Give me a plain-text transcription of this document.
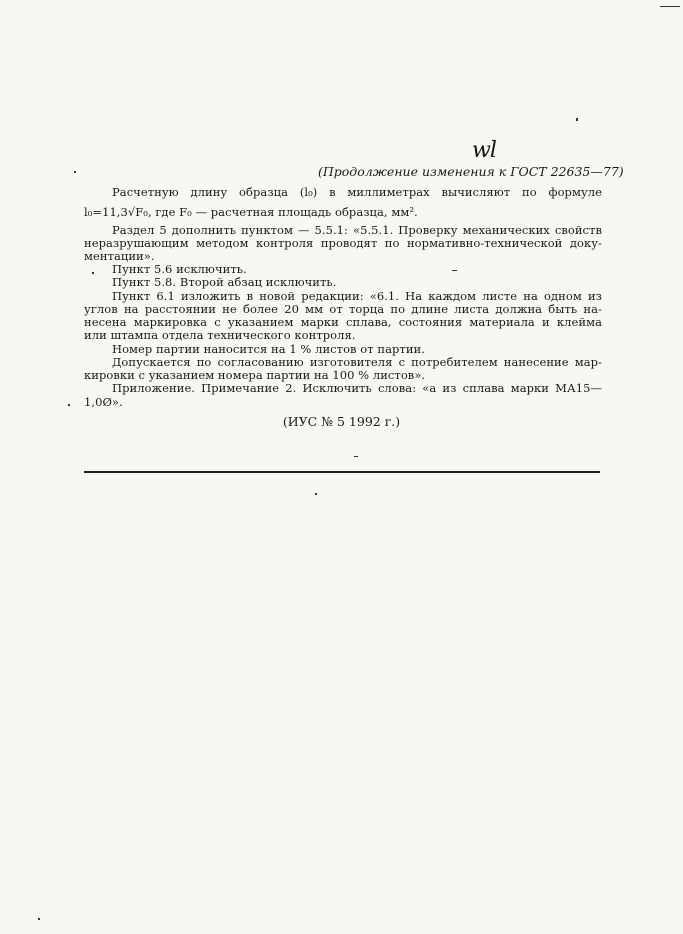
wl
(Продолжение изменения к ГОСТ 22635—77)
Расчетную длину образца (l₀) в миллиметрах вычисляют по формуле
l₀=11,3√F₀, где F₀ — расчетная площадь образца, мм².
Раздел 5 дополнить пунктом — 5.5.1: «5.5.1. Проверку механических свойств
неразрушающим методом контроля проводят по нормативно-технической доку-
ментации».
Пункт 5.6 исключить.
Пункт 5.8. Второй абзац исключить.
Пункт 6.1 изложить в новой редакции: «6.1. На каждом листе на одном из
углов на расстоянии не более 20 мм от торца по длине листа должна быть на-
несена маркировка с указанием марки сплава, состояния материала и клейма
или штампа отдела технического контроля.
Номер партии наносится на 1 % листов от партии.
Допускается по согласованию изготовителя с потребителем нанесение мар-
кировки с указанием номера партии на 100 % листов».
Приложение. Примечание 2. Исключить слова: «а из сплава марки МА15—
1,0Ø».
(ИУС № 5 1992 г.)
